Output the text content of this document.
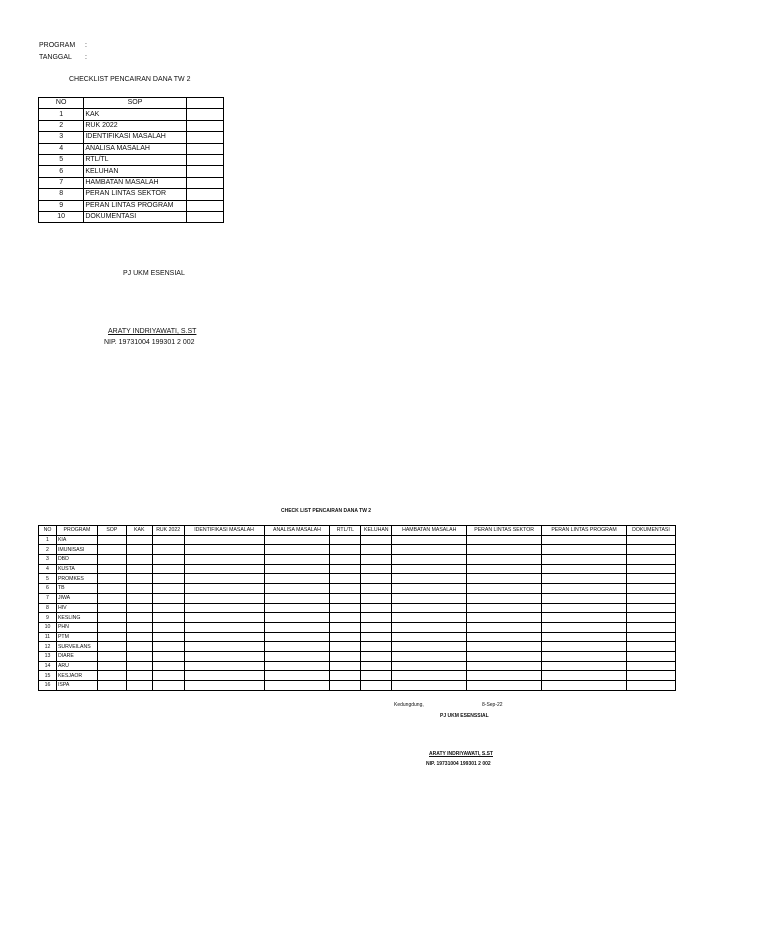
PROGRAM :
TANGGAL :
CHECKLIST PENCAIRAN DANA TW 2
NO	SOP	
1	KAK	
2	RUK 2022	
3	IDENTIFIKASI MASALAH	
4	ANALISA MASALAH	
5	RTL/TL	
6	KELUHAN	
7	HAMBATAN MASALAH	
8	PERAN LINTAS SEKTOR	
9	PERAN LINTAS PROGRAM	
10	DOKUMENTASI	
PJ UKM ESENSIAL
ARATY INDRIYAWATI, S.ST
NIP. 19731004 199301 2 002
CHECK LIST PENCAIRAN DANA TW 2
NO	PROGRAM	SOP	KAK	RUK 2022	IDENTIFIKASI MASALAH	ANALISA MASALAH	RTL/TL	KELUHAN	HAMBATAN MASALAH	PERAN LINTAS SEKTOR	PERAN LINTAS PROGRAM	DOKUMENTASI
1	KIA											
2	IMUNISASI											
3	DBD											
4	KUSTA											
5	PROMKES											
6	TB											
7	JIWA											
8	HIV											
9	KESLING											
10	PHN											
11	PTM											
12	SURVEILANS											
13	DIARE											
14	ARU											
15	KESJAOR											
16	ISPA											
Kedungdung,	8-Sep-22
PJ UKM ESENSSIAL
ARATY INDRIYAWATI, S.ST
NIP. 19731004 199301 2 002
